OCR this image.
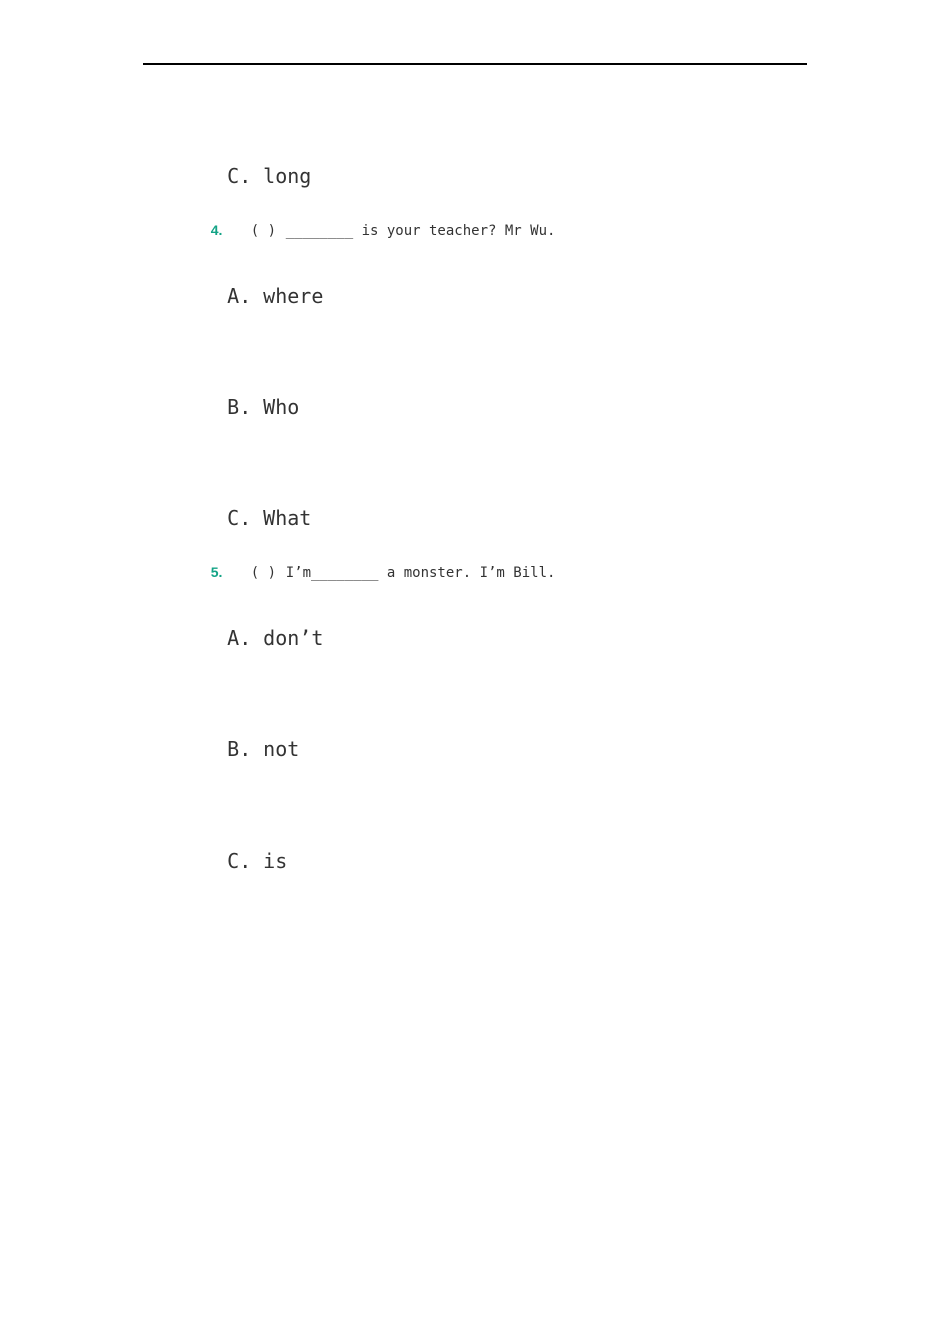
C. long

4. ( ) ________ is your teacher? Mr Wu.

A. where

B. Who

C. What

5. ( ) I’m________ a monster. I’m Bill.

A. don’t

B. not

C. is
